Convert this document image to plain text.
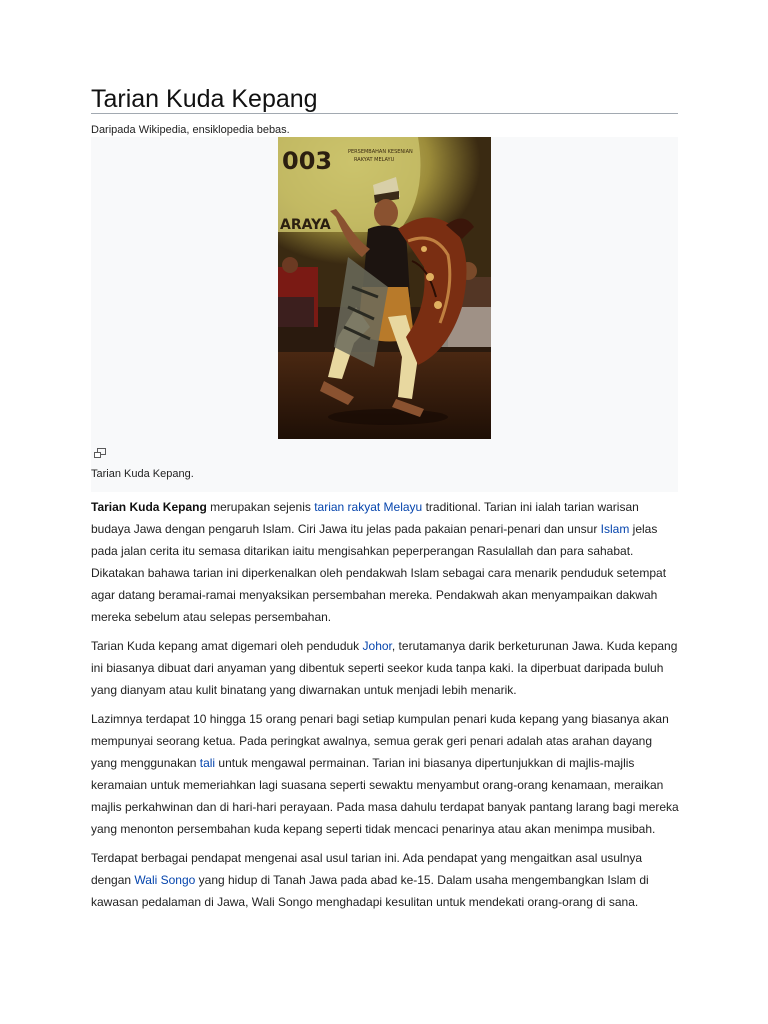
Tarian Kuda Kepang
Daripada Wikipedia, ensiklopedia bebas.
003	PERSEMBAHAN KESENIAN
RAKYAT MELAYU
ARAYA
Tarian Kuda Kepang.

Tarian Kuda Kepang merupakan sejenis tarian rakyat Melayu traditional. Tarian ini ialah tarian warisan budaya Jawa dengan pengaruh Islam. Ciri Jawa itu jelas pada pakaian penari-penari dan unsur Islam jelas pada jalan cerita itu semasa ditarikan iaitu mengisahkan peperperangan Rasulallah dan para sahabat. Dikatakan bahawa tarian ini diperkenalkan oleh pendakwah Islam sebagai cara menarik penduduk setempat agar datang beramai-ramai menyaksikan persembahan mereka. Pendakwah akan menyampaikan dakwah mereka sebelum atau selepas persembahan.

Tarian Kuda kepang amat digemari oleh penduduk Johor, terutamanya darik berketurunan Jawa. Kuda kepang ini biasanya dibuat dari anyaman yang dibentuk seperti seekor kuda tanpa kaki. Ia diperbuat daripada buluh yang dianyam atau kulit binatang yang diwarnakan untuk menjadi lebih menarik.

Lazimnya terdapat 10 hingga 15 orang penari bagi setiap kumpulan penari kuda kepang yang biasanya akan mempunyai seorang ketua. Pada peringkat awalnya, semua gerak geri penari adalah atas arahan dayang yang menggunakan tali untuk mengawal permainan. Tarian ini biasanya dipertunjukkan di majlis-majlis keramaian untuk memeriahkan lagi suasana seperti sewaktu menyambut orang-orang kenamaan, meraikan majlis perkahwinan dan di hari-hari perayaan. Pada masa dahulu terdapat banyak pantang larang bagi mereka yang menonton persembahan kuda kepang seperti tidak mencaci penarinya atau akan menimpa musibah.

Terdapat berbagai pendapat mengenai asal usul tarian ini. Ada pendapat yang mengaitkan asal usulnya dengan Wali Songo yang hidup di Tanah Jawa pada abad ke-15. Dalam usaha mengembangkan Islam di kawasan pedalaman di Jawa, Wali Songo menghadapi kesulitan untuk mendekati orang-orang di sana.
